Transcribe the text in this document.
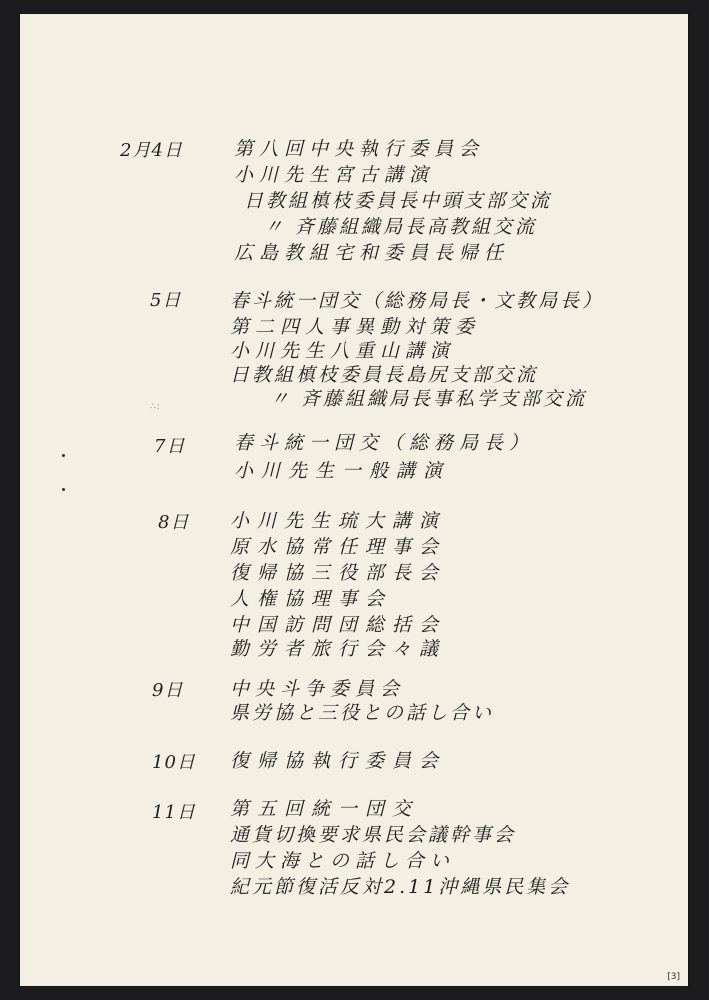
2月4日	第八回中央執行委員会
小川先生宮古講演
日教組槙枝委員長中頭支部交流
〃 斉藤組織局長高教組交流
広島教組宅和委員長帰任
5日	春斗統一団交（総務局長・文教局長）
第二四人事異動対策委
小川先生八重山講演
日教組槙枝委員長島尻支部交流
〃 斉藤組織局長事私学支部交流
∴:
7日	春斗統一団交（総務局長）
小川先生一般講演
8日 小川先生琉大講演
原水協常任理事会
復帰協三役部長会
人権協理事会
中国訪問団総括会
勤労者旅行会々議
9日 中央斗争委員会
県労協と三役との話し合い
10日 復帰協執行委員会
11日 第五回統一団交
通貨切換要求県民会議幹事会
同大海との話し合い
紀元節復活反対2.11沖縄県民集会
[3]
